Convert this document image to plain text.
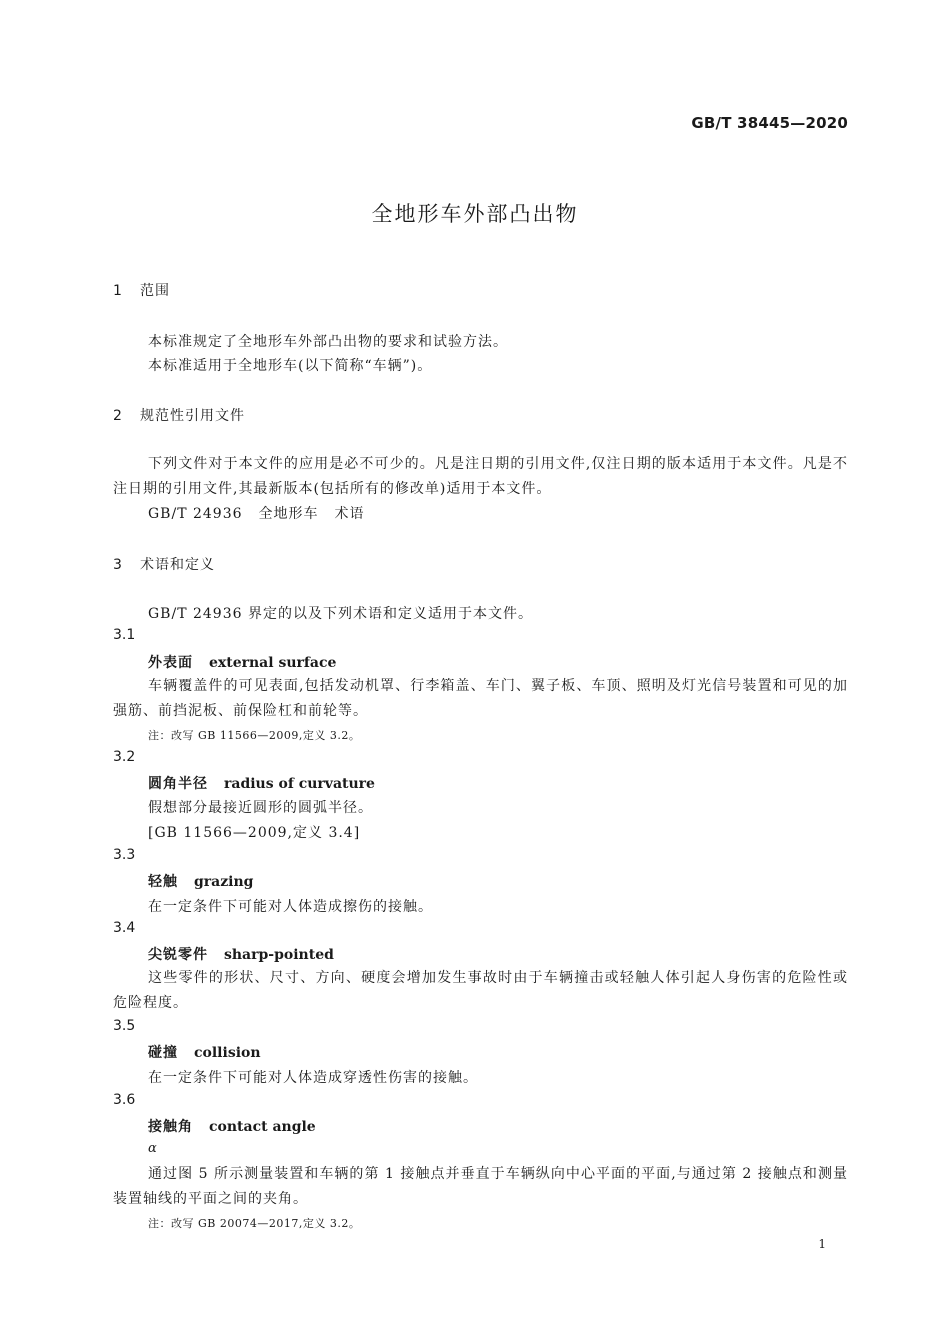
GB/T 38445—2020
全地形车外部凸出物
1 范围
本标准规定了全地形车外部凸出物的要求和试验方法。
本标准适用于全地形车(以下简称“车辆”)。
2 规范性引用文件
下列文件对于本文件的应用是必不可少的。凡是注日期的引用文件,仅注日期的版本适用于本文件。凡是不注日期的引用文件,其最新版本(包括所有的修改单)适用于本文件。
GB/T 24936 全地形车 术语
3 术语和定义
GB/T 24936 界定的以及下列术语和定义适用于本文件。
3.1
外表面 external surface
车辆覆盖件的可见表面,包括发动机罩、行李箱盖、车门、翼子板、车顶、照明及灯光信号装置和可见的加强筋、前挡泥板、前保险杠和前轮等。
注：改写 GB 11566—2009,定义 3.2。
3.2
圆角半径 radius of curvature
假想部分最接近圆形的圆弧半径。
[GB 11566—2009,定义 3.4]
3.3
轻触 grazing
在一定条件下可能对人体造成擦伤的接触。
3.4
尖锐零件 sharp-pointed
这些零件的形状、尺寸、方向、硬度会增加发生事故时由于车辆撞击或轻触人体引起人身伤害的危险性或危险程度。
3.5
碰撞 collision
在一定条件下可能对人体造成穿透性伤害的接触。
3.6
接触角 contact angle
α
通过图 5 所示测量装置和车辆的第 1 接触点并垂直于车辆纵向中心平面的平面,与通过第 2 接触点和测量装置轴线的平面之间的夹角。
注：改写 GB 20074—2017,定义 3.2。
1
